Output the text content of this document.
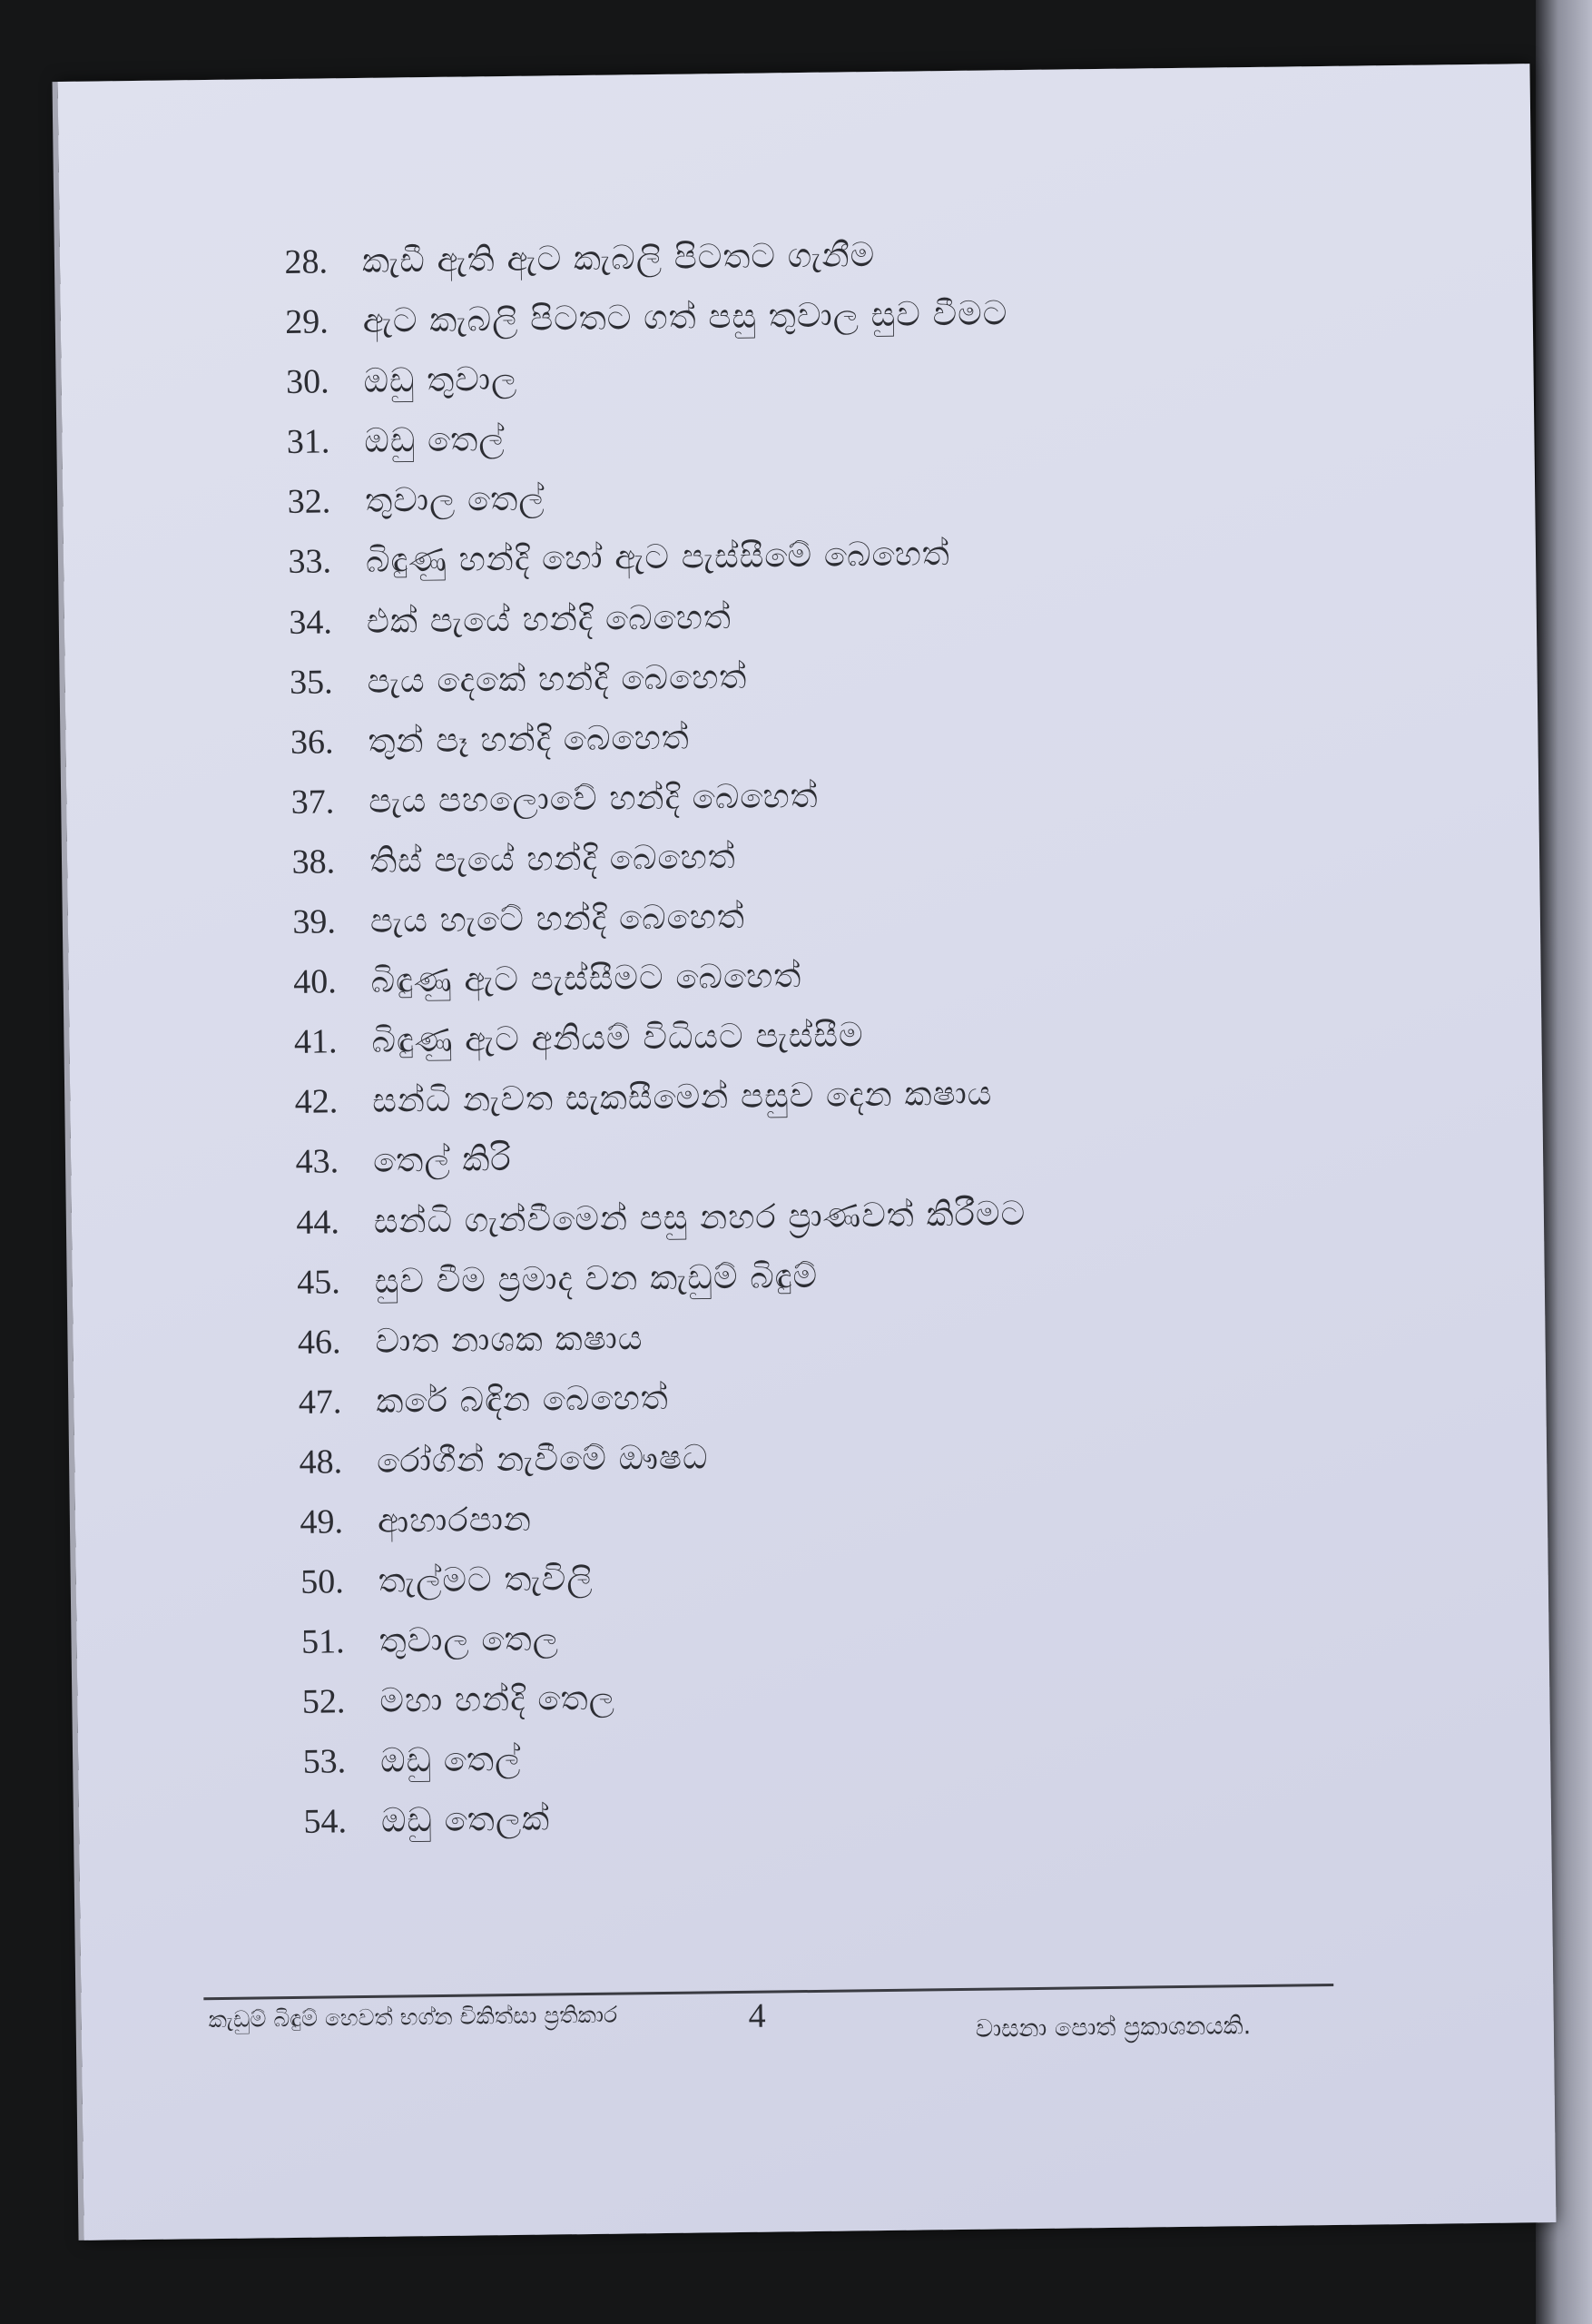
28. කැඩී ඇති ඇට කැබලි පිටතට ගැනීම
29. ඇට කැබලි පිටතට ගත් පසු තුවාල සුව වීමට
30. ඔඩු තුවාල
31. ඔඩු තෙල්
32. තුවාල තෙල්
33. බිඳුණු හන්දි හෝ ඇට පැස්සීමේ බෙහෙත්
34. එක් පැයේ හන්දි බෙහෙත්
35. පැය දෙකේ හන්දි බෙහෙත්
36. තුන් පෑ හන්දි බෙහෙත්
37. පැය පහලොවේ හන්දි බෙහෙත්
38. තිස් පැයේ හන්දි බෙහෙත්
39. පැය හැටේ හන්දි බෙහෙත්
40. බිඳුණු ඇට පැස්සීමට බෙහෙත්
41. බිඳුණු ඇට අනියම් විධියට පැස්සීම
42. සන්ධි නැවත සැකසීමෙන් පසුව දෙන කෂාය
43. තෙල් කිරි
44. සන්ධි ගැන්වීමෙන් පසු නහර ප්‍රාණවත් කිරීමට
45. සුව වීම ප්‍රමාද වන කැඩුම් බිඳුම්
46. වාත නාශක කෂාය
47. කරේ බඳින බෙහෙත්
48. රෝගීන් නැවීමේ ඖෂධ
49. ආහාරපාන
50. තැල්මට තැවිලි
51. තුවාල තෙල
52. මහා හන්දි තෙල
53. ඔඩු තෙල්
54. ඔඩු තෙලක්
කැඩුම් බිඳුම් හෙවත් භග්න චිකිත්සා ප්‍රතිකාර	4	වාසනා පොත් ප්‍රකාශනයකි.
